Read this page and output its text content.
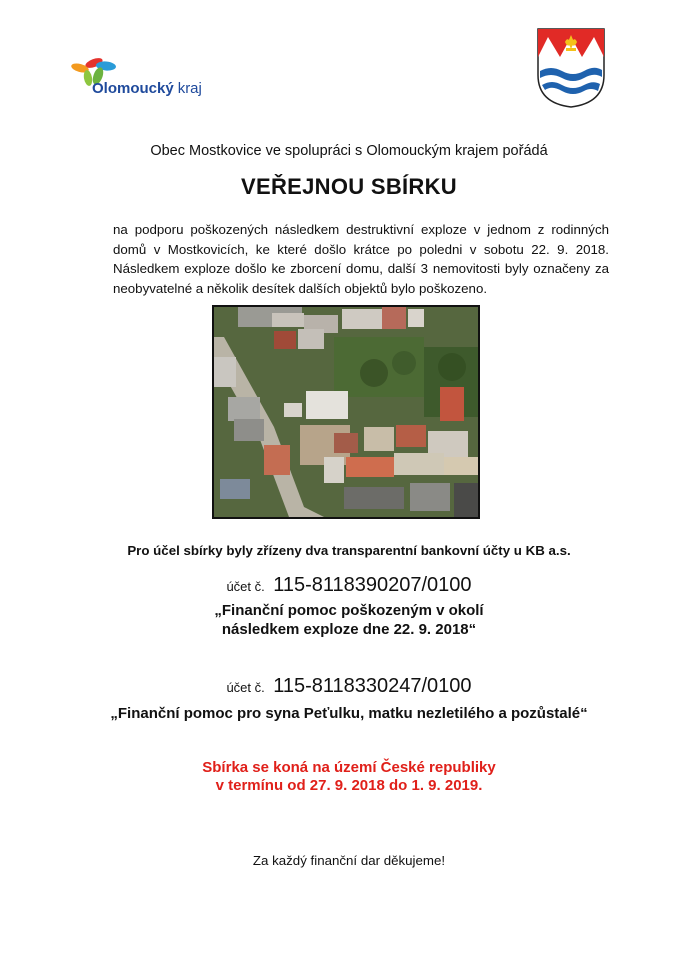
Olomoucký kraj
Obec Mostkovice ve spolupráci s Olomouckým krajem pořádá
VEŘEJNOU SBÍRKU
na podporu poškozených následkem destruktivní exploze v jednom z rodinných domů v Mostkovicích, ke které došlo krátce po poledni v sobotu 22. 9. 2018. Následkem exploze došlo ke zborcení domu, další 3 nemovitosti byly označeny za neobyvatelné a několik desítek dalších objektů bylo poškozeno.
Pro účel sbírky byly zřízeny dva transparentní bankovní účty u KB a.s.
účet č. 115-8118390207/0100
„Finanční pomoc poškozeným v okolí
následkem exploze dne 22. 9. 2018“
účet č. 115-8118330247/0100
„Finanční pomoc pro syna Peťulku, matku nezletilého a pozůstalé“
Sbírka se koná na území České republiky
v termínu od 27. 9. 2018 do 1. 9. 2019.
Za každý finanční dar děkujeme!
